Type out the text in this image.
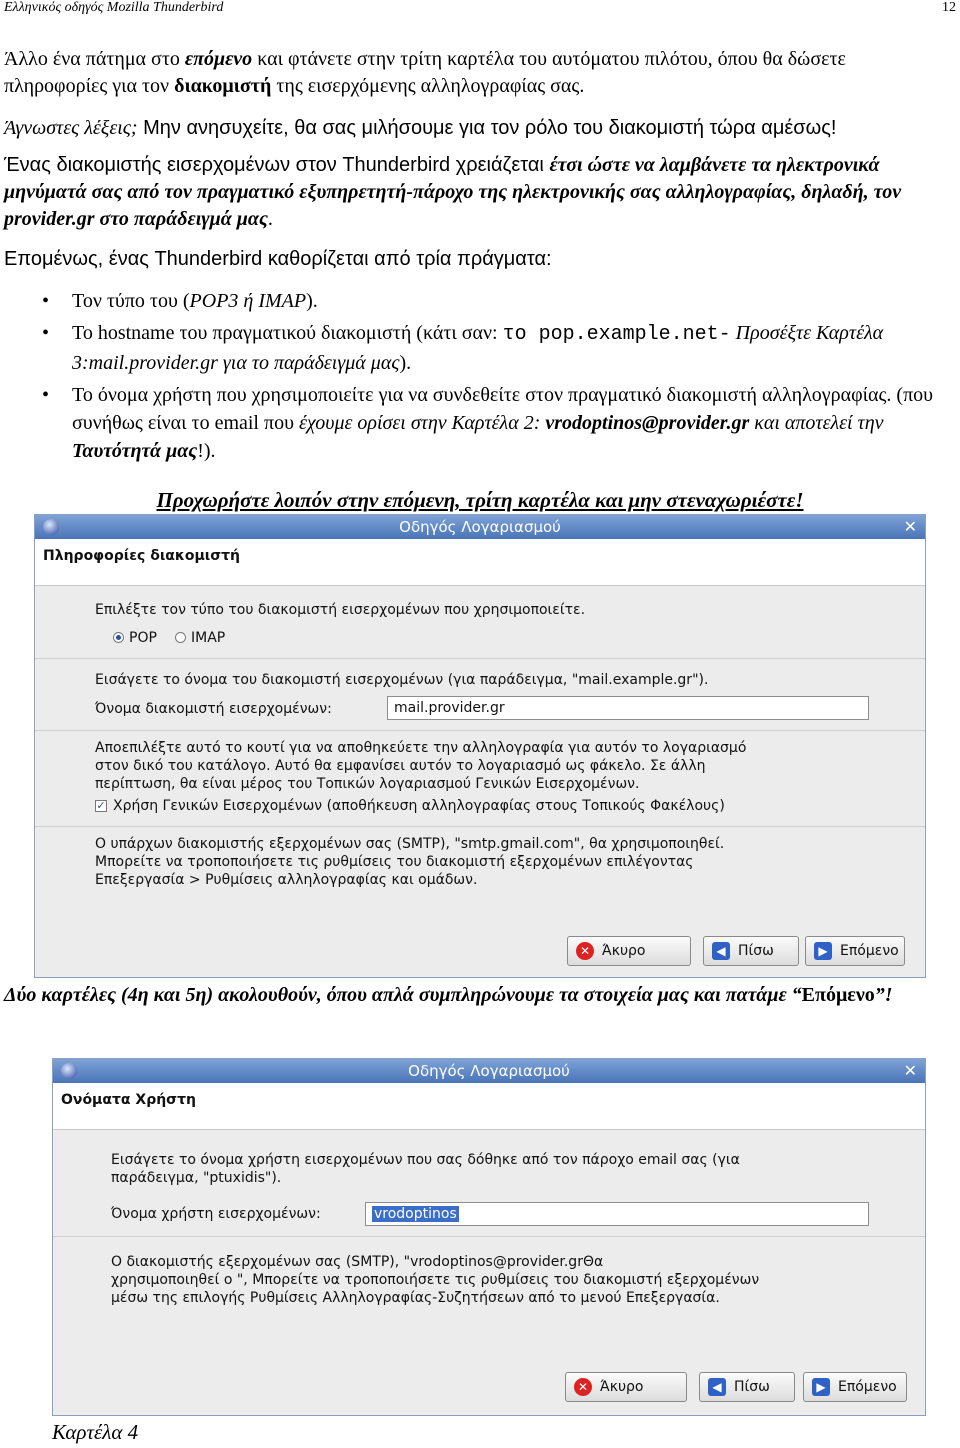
Ελληνικός οδηγός Mozilla Thunderbird	12

Άλλο ένα πάτημα στο επόμενο και φτάνετε στην τρίτη καρτέλα του αυτόματου πιλότου, όπου θα δώσετε πληροφορίες για τον διακομιστή της εισερχόμενης αλληλογραφίας σας.

Άγνωστες λέξεις; Μην ανησυχείτε, θα σας μιλήσουμε για τον ρόλο του διακομιστή τώρα αμέσως!

Ένας διακομιστής εισερχομένων στον Thunderbird χρειάζεται έτσι ώστε να λαμβάνετε τα ηλεκτρονικά μηνύματά σας από τον πραγματικό εξυπηρετητή-πάροχο της ηλεκτρονικής σας αλληλογραφίας, δηλαδή, τον provider.gr στο παράδειγμά μας.

Επομένως, ένας Thunderbird καθορίζεται από τρία πράγματα:

• Τον τύπο του (POP3 ή IMAP).
• Το hostname του πραγματικού διακομιστή (κάτι σαν: το pop.example.net- Προσέξτε Καρτέλα 3:mail.provider.gr για το παράδειγμά μας).
• Το όνομα χρήστη που χρησιμοποιείτε για να συνδεθείτε στον πραγματικό διακομιστή αλληλογραφίας. (που συνήθως είναι το email που έχουμε ορίσει στην Καρτέλα 2: vrodoptinos@provider.gr και αποτελεί την Ταυτότητά μας!).
Προχωρήστε λοιπόν στην επόμενη, τρίτη καρτέλα και μην στεναχωριέστε!
Οδηγός Λογαριασμού	✕
Πληροφορίες διακομιστή
Επιλέξτε τον τύπο του διακομιστή εισερχομένων που χρησιμοποιείτε.
POP IMAP
Εισάγετε το όνομα του διακομιστή εισερχομένων (για παράδειγμα, "mail.example.gr").
Όνομα διακομιστή εισερχομένων:	mail.provider.gr
Αποεπιλέξτε αυτό το κουτί για να αποθηκεύετε την αλληλογραφία για αυτόν το λογαριασμό
στον δικό του κατάλογο. Αυτό θα εμφανίσει αυτόν το λογαριασμό ως φάκελο. Σε άλλη
περίπτωση, θα είναι μέρος του Τοπικών λογαριασμού Γενικών Εισερχομένων.
✓ Χρήση Γενικών Εισερχομένων (αποθήκευση αλληλογραφίας στους Τοπικούς Φακέλους)
Ο υπάρχων διακομιστής εξερχομένων σας (SMTP), "smtp.gmail.com", θα χρησιμοποιηθεί.
Μπορείτε να τροποποιήσετε τις ρυθμίσεις του διακομιστή εξερχομένων επιλέγοντας
Επεξεργασία > Ρυθμίσεις αλληλογραφίας και ομάδων.
✕ Άκυρο	◀ Πίσω	▶ Επόμενο

Δύο καρτέλες (4η και 5η) ακολουθούν, όπου απλά συμπληρώνουμε τα στοιχεία μας και πατάμε “Επόμενο”!

Οδηγός Λογαριασμού	✕
Ονόματα Χρήστη
Εισάγετε το όνομα χρήστη εισερχομένων που σας δόθηκε από τον πάροχο email σας (για
παράδειγμα, "ptuxidis").
Όνομα χρήστη εισερχομένων:	vrodoptinos
Ο διακομιστής εξερχομένων σας (SMTP), "vrodoptinos@provider.grΘα
χρησιμοποιηθεί ο ", Μπορείτε να τροποποιήσετε τις ρυθμίσεις του διακομιστή εξερχομένων
μέσω της επιλογής Ρυθμίσεις Αλληλογραφίας-Συζητήσεων από το μενού Επεξεργασία.
✕ Άκυρο	◀ Πίσω	▶ Επόμενο
Καρτέλα 4
